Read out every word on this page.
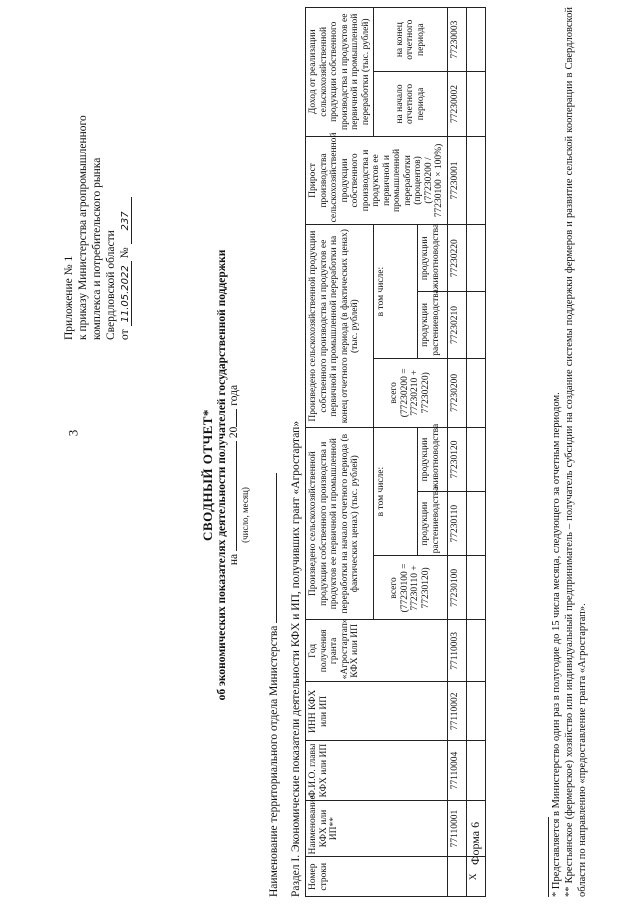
3
Форма 6
Приложение № 1 к приказу Министерства агропромышленного комплекса и потребительского рынка Свердловской области от 11.05.2022 № 237
СВОДНЫЙ ОТЧЕТ* об экономических показателях деятельности получателей государственной поддержки на  20 года
(число, месяц)
Наименование территориального отдела Министерства Раздел I. Экономические показатели деятельности КФХ и ИП, получивших грант «Агростартап» Номер строки	Наименование КФХ или ИП**	Ф.И.О. главы КФХ или ИП	ИНН КФХ или ИП	Год получения гранта «Агростартап» КФХ или ИП	Произведено сельскохозяйственной продукции собственного производства и продуктов ее первичной и промышленной переработки на начало отчетного периода (в фактических ценах) (тыс. рублей)			Произведено сельскохозяйственной продукции собственного производства и продуктов ее первичной и промышленной переработки на конец отчетного периода (в фактических ценах) (тыс. рублей)			Прирост производства сельскохозяйственной продукции собственного производства и продуктов ее первичной и промышленной переработки (процентов) (77230200 / 77230100 × 100%)	Доход от реализации сельскохозяйственной продукции собственного производства и продуктов ее первичной и промышленной переработки (тыс. рублей)	
					всего (77230100 = 77230110 + 77230120)	в том числе:		всего (77230200 = 77230210 + 77230220)	в том числе:			на начало отчетного периода	на конец отчетного периода
						продукции растениеводства	продукции животноводства		продукции растениеводства	продукции животноводства			
	77110001	77110004	77110002	77110003	77230100	77230110	77230120	77230200	77230210	77230220	77230001	77230002	77230003
X														* Представляется в Министерство один раз в полугодие до 15 числа месяца, следующего за отчетным периодом. ** Крестьянское (фермерское) хозяйство или индивидуальный предприниматель – получатель субсидии на создание системы поддержки фермеров и развитие сельской кооперации в Свердловской области по направлению «предоставление гранта «Агростартап».
